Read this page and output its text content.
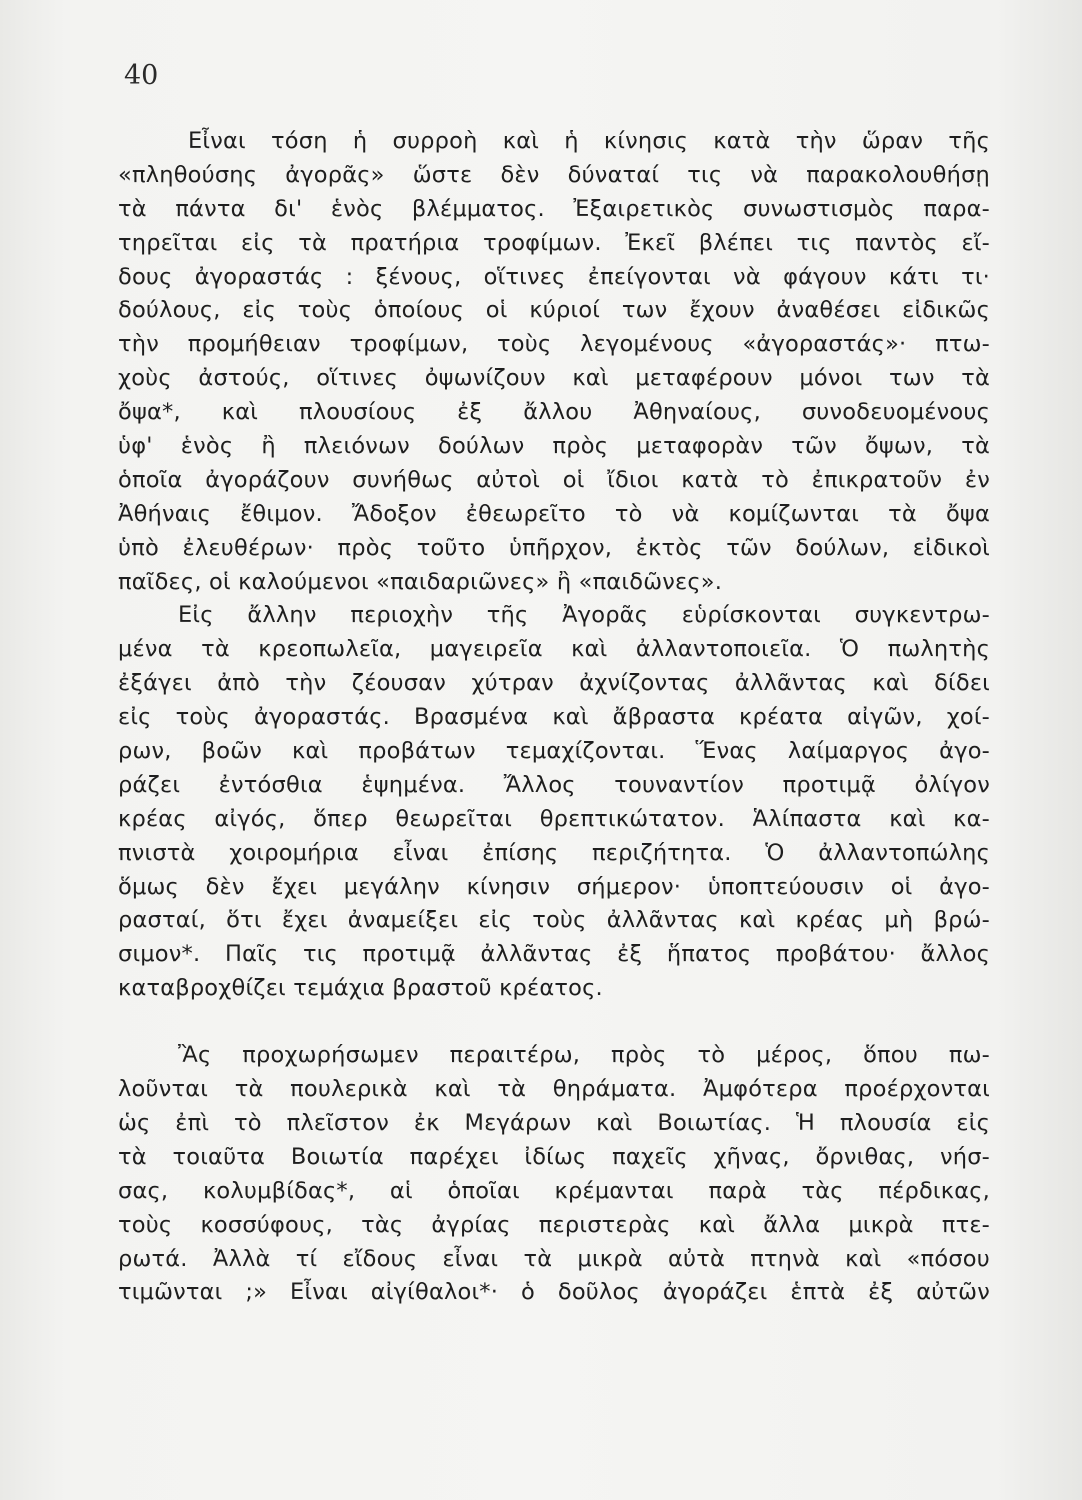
40
Εἶναι τόση ἡ συρροὴ καὶ ἡ κίνησις κατὰ τὴν ὥραν τῆς
«πληθούσης ἀγορᾶς» ὥστε δὲν δύναταί τις νὰ παρακολουθήσῃ
τὰ πάντα δι' ἑνὸς βλέμματος. Ἐξαιρετικὸς συνωστισμὸς παρα-
τηρεῖται εἰς τὰ πρατήρια τροφίμων. Ἐκεῖ βλέπει τις παντὸς εἴ-
δους ἀγοραστάς : ξένους, οἵτινες ἐπείγονται νὰ φάγουν κάτι τι·
δούλους, εἰς τοὺς ὁποίους οἱ κύριοί των ἔχουν ἀναθέσει εἰδικῶς
τὴν προμήθειαν τροφίμων, τοὺς λεγομένους «ἀγοραστάς»· πτω-
χοὺς ἀστούς, οἵτινες ὀψωνίζουν καὶ μεταφέρουν μόνοι των τὰ
ὄψα*, καὶ πλουσίους ἐξ ἄλλου Ἀθηναίους, συνοδευομένους
ὑφ' ἑνὸς ἢ πλειόνων δούλων πρὸς μεταφορὰν τῶν ὄψων, τὰ
ὁποῖα ἀγοράζουν συνήθως αὐτοὶ οἱ ἴδιοι κατὰ τὸ ἐπικρατοῦν ἐν
Ἀθήναις ἔθιμον. Ἄδοξον ἐθεωρεῖτο τὸ νὰ κομίζωνται τὰ ὄψα
ὑπὸ ἐλευθέρων· πρὸς τοῦτο ὑπῆρχον, ἐκτὸς τῶν δούλων, εἰδικοὶ
παῖδες, οἱ καλούμενοι «παιδαριῶνες» ἢ «παιδῶνες».
Εἰς ἄλλην περιοχὴν τῆς Ἀγορᾶς εὑρίσκονται συγκεντρω-
μένα τὰ κρεοπωλεῖα, μαγειρεῖα καὶ ἀλλαντοποιεῖα. Ὁ πωλητὴς
ἐξάγει ἀπὸ τὴν ζέουσαν χύτραν ἀχνίζοντας ἀλλᾶντας καὶ δίδει
εἰς τοὺς ἀγοραστάς. Βρασμένα καὶ ἄβραστα κρέατα αἰγῶν, χοί-
ρων, βοῶν καὶ προβάτων τεμαχίζονται. Ἕνας λαίμαργος ἀγο-
ράζει ἐντόσθια ἑψημένα. Ἄλλος τουναντίον προτιμᾷ ὀλίγον
κρέας αἰγός, ὅπερ θεωρεῖται θρεπτικώτατον. Ἁλίπαστα καὶ κα-
πνιστὰ χοιρομήρια εἶναι ἐπίσης περιζήτητα. Ὁ ἀλλαντοπώλης
ὅμως δὲν ἔχει μεγάλην κίνησιν σήμερον· ὑποπτεύουσιν οἱ ἀγο-
ρασταί, ὅτι ἔχει ἀναμείξει εἰς τοὺς ἀλλᾶντας καὶ κρέας μὴ βρώ-
σιμον*. Παῖς τις προτιμᾷ ἀλλᾶντας ἐξ ἥπατος προβάτου· ἄλλος
καταβροχθίζει τεμάχια βραστοῦ κρέατος.
Ἂς προχωρήσωμεν περαιτέρω, πρὸς τὸ μέρος, ὅπου πω-
λοῦνται τὰ πουλερικὰ καὶ τὰ θηράματα. Ἀμφότερα προέρχονται
ὡς ἐπὶ τὸ πλεῖστον ἐκ Μεγάρων καὶ Βοιωτίας. Ἡ πλουσία εἰς
τὰ τοιαῦτα Βοιωτία παρέχει ἰδίως παχεῖς χῆνας, ὄρνιθας, νήσ-
σας, κολυμβίδας*, αἱ ὁποῖαι κρέμανται παρὰ τὰς πέρδικας,
τοὺς κοσσύφους, τὰς ἀγρίας περιστερὰς καὶ ἄλλα μικρὰ πτε-
ρωτά. Ἀλλὰ τί εἴδους εἶναι τὰ μικρὰ αὐτὰ πτηνὰ καὶ «πόσου
τιμῶνται ;» Εἶναι αἰγίθαλοι*· ὁ δοῦλος ἀγοράζει ἑπτὰ ἐξ αὐτῶν
